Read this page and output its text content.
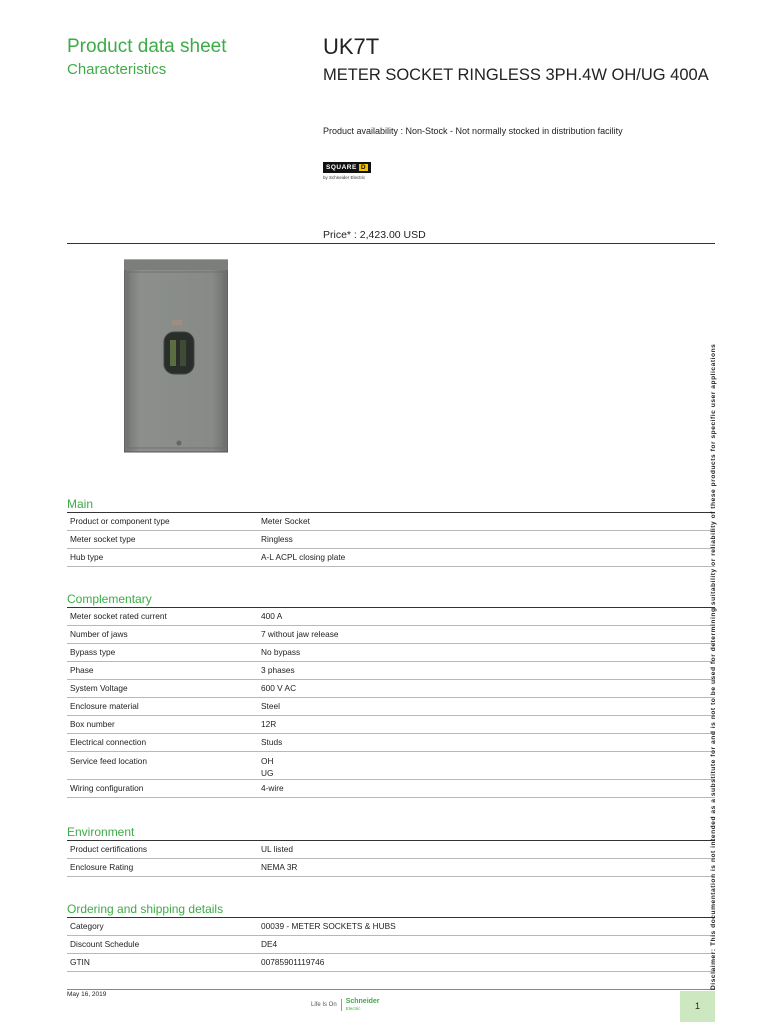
Product data sheet
Characteristics
UK7T
METER SOCKET RINGLESS 3PH.4W OH/UG 400A
Product availability : Non-Stock - Not normally stocked in distribution facility
SQUARE D
by Schneider Electric
Price* : 2,423.00 USD
Main
Product or component type	Meter Socket
Meter socket type	Ringless
Hub type	A-L ACPL closing plate
Complementary
Meter socket rated current	400 A
Number of jaws	7 without jaw release
Bypass type	No bypass
Phase	3 phases
System Voltage	600 V AC
Enclosure material	Steel
Box number	12R
Electrical connection	Studs
Service feed location	OH
UG

Wiring configuration	4-wire
Environment
Product certifications	UL listed
Enclosure Rating	NEMA 3R
Ordering and shipping details
Category	00039 - METER SOCKETS & HUBS
Discount Schedule	DE4
GTIN	00785901119746
May 16, 2019
Life Is On Schneider
Electric	1
Disclaimer: This documentation is not intended as a substitute for and is not to be used for determining suitability or reliability of these products for specific user applications
